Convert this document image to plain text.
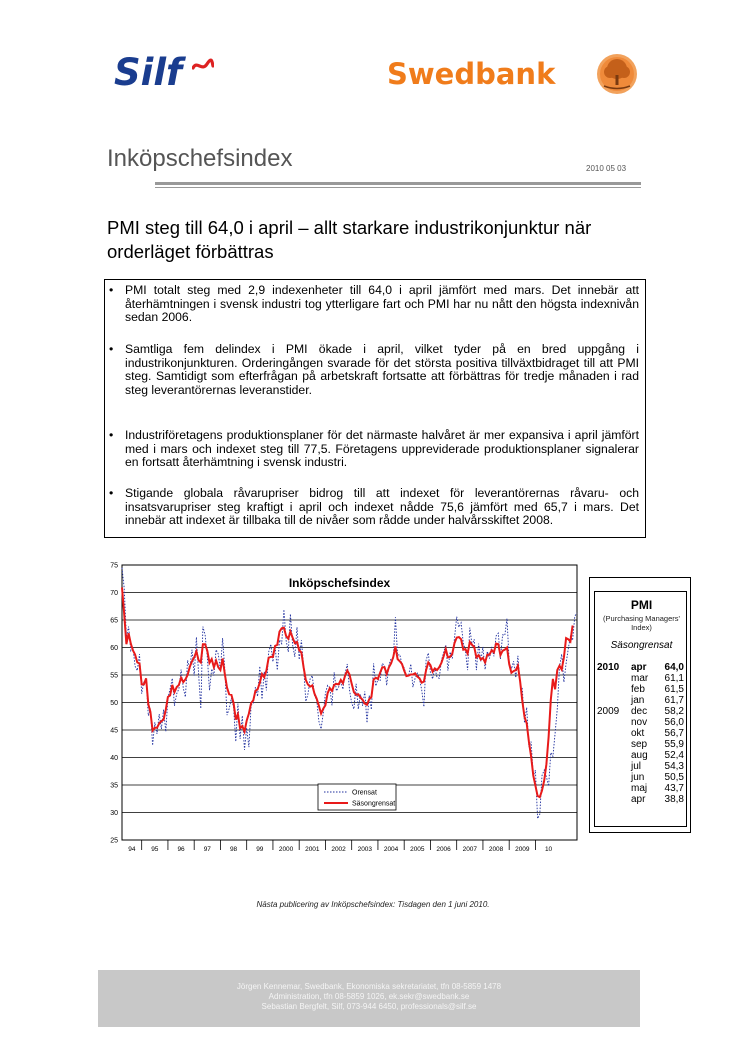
Silf	Swedbank
Inköpschefsindex	2010 05 03
PMI steg till 64,0 i april – allt starkare industrikonjunktur när orderläget förbättras
• PMI totalt steg med 2,9 indexenheter till 64,0 i april jämfört med mars. Det innebär att återhämtningen i svensk industri tog ytterligare fart och PMI har nu nått den högsta indexnivån sedan 2006.
• Samtliga fem delindex i PMI ökade i april, vilket tyder på en bred uppgång i industrikonjunkturen. Orderingången svarade för det största positiva tillväxtbidraget till att PMI steg. Samtidigt som efterfrågan på arbetskraft fortsatte att förbättras för tredje månaden i rad steg leverantörernas leveranstider.
• Industriföretagens produktionsplaner för det närmaste halvåret är mer expansiva i april jämfört med i mars och indexet steg till 77,5. Företagens uppreviderade produktionsplaner signalerar en fortsatt återhämtning i svensk industri.
• Stigande globala råvarupriser bidrog till att indexet för leverantörernas råvaru- och insatsvarupriser steg kraftigt i april och indexet nådde 75,6 jämfört med 65,7 i mars. Det innebär att indexet är tillbaka till de nivåer som rådde under halvårsskiftet 2008.
25
30
35
40
45
50
55
60
65
70
75
94 95	96	97	98	99 2000 2001 2002 2003 2004 2005 2006 2007 2008 2009 10
Inköpschefsindex
Orensat
Säsongrensat
PMI
(Purchasing Managers' Index)
Säsongrensat
2010 apr 64,0
mar 61,1
feb 61,5
jan 61,7
2009 dec 58,2
nov 56,0
okt 56,7
sep 55,9
aug 52,4
jul 54,3
jun 50,5
maj 43,7
apr 38,8
Nästa publicering av Inköpschefsindex: Tisdagen den 1 juni 2010.
Jörgen Kennemar, Swedbank, Ekonomiska sekretariatet, tfn 08-5859 1478
Administration, tfn 08-5859 1026, ek.sekr@swedbank.se
Sebastian Bergfelt, Silf, 073-944 6450, professionals@silf.se
